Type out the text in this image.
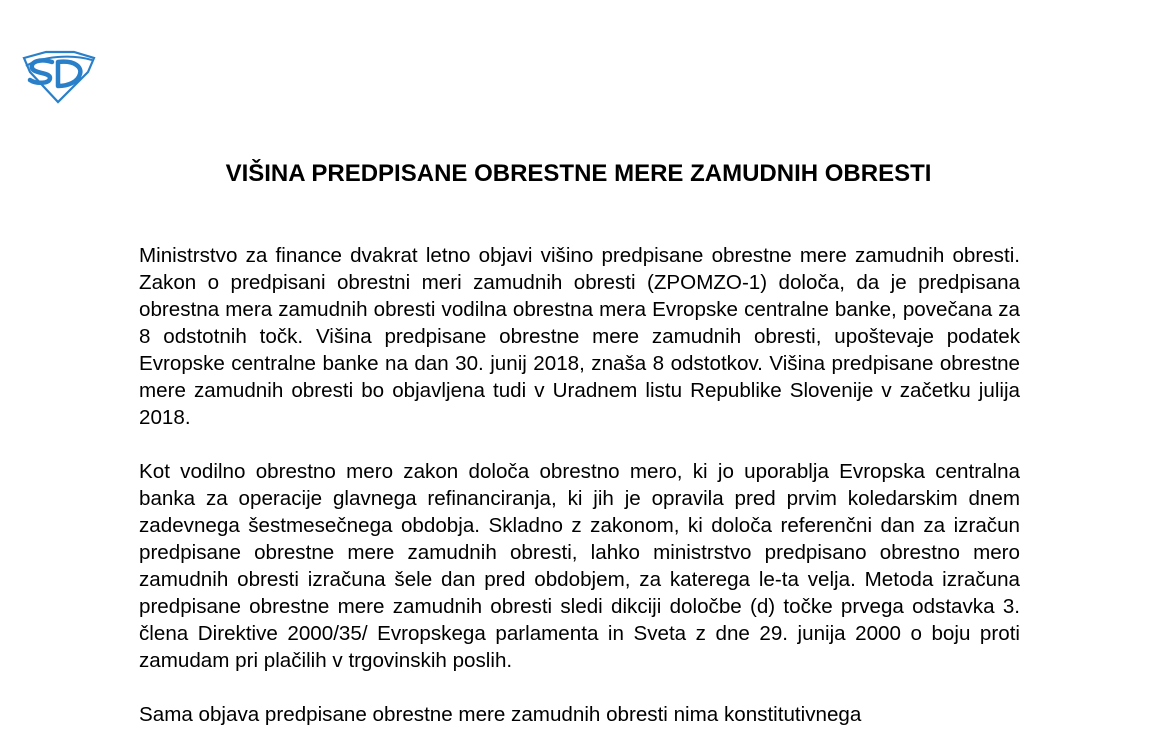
VIŠINA PREDPISANE OBRESTNE MERE ZAMUDNIH OBRESTI

Ministrstvo za finance dvakrat letno objavi višino predpisane obrestne mere zamudnih obresti. Zakon o predpisani obrestni meri zamudnih obresti (ZPOMZO-1) določa, da je predpisana obrestna mera zamudnih obresti vodilna obrestna mera Evropske centralne banke, povečana za 8 odstotnih točk. Višina predpisane obrestne mere zamudnih obresti, upoštevaje podatek Evropske centralne banke na dan 30. junij 2018, znaša 8 odstotkov. Višina predpisane obrestne mere zamudnih obresti bo objavljena tudi v Uradnem listu Republike Slovenije v začetku julija 2018.

Kot vodilno obrestno mero zakon določa obrestno mero, ki jo uporablja Evropska centralna banka za operacije glavnega refinanciranja, ki jih je opravila pred prvim koledarskim dnem zadevnega šestmesečnega obdobja. Skladno z zakonom, ki določa referenčni dan za izračun predpisane obrestne mere zamudnih obresti, lahko ministrstvo predpisano obrestno mero zamudnih obresti izračuna šele dan pred obdobjem, za katerega le-ta velja. Metoda izračuna predpisane obrestne mere zamudnih obresti sledi dikciji določbe (d) točke prvega odstavka 3. člena Direktive 2000/35/ Evropskega parlamenta in Sveta z dne 29. junija 2000 o boju proti zamudam pri plačilih v trgovinskih poslih.

Sama objava predpisane obrestne mere zamudnih obresti nima konstitutivnega
